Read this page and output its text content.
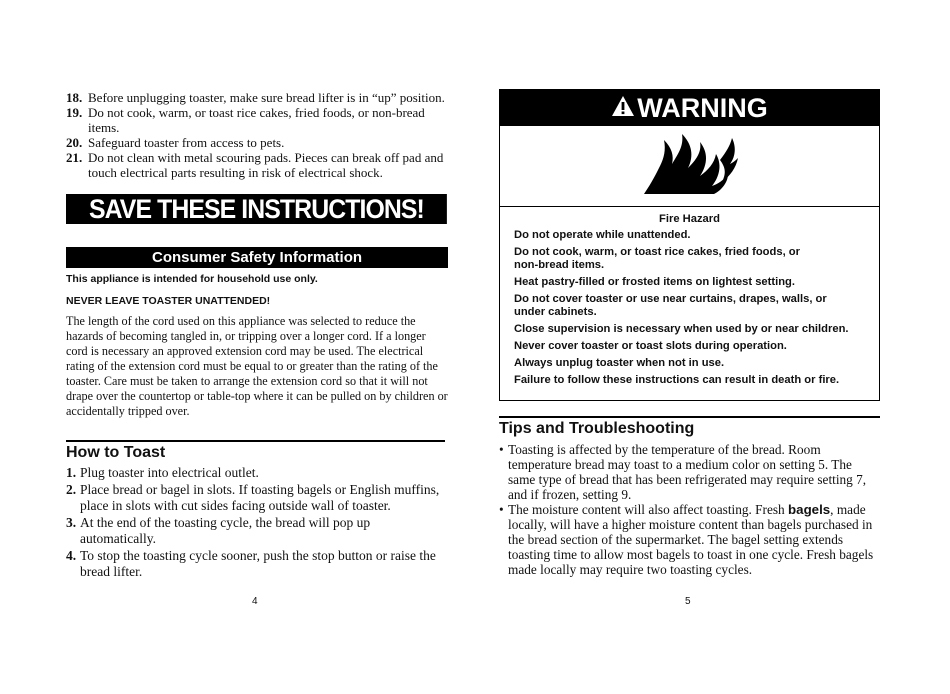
18. Before unplugging toaster, make sure bread lifter is in “up” position.
19. Do not cook, warm, or toast rice cakes, fried foods, or non-bread items.
20. Safeguard toaster from access to pets.
21. Do not clean with metal scouring pads. Pieces can break off pad and touch electrical parts resulting in risk of electrical shock.
SAVE THESE INSTRUCTIONS!
Consumer Safety Information
This appliance is intended for household use only.
NEVER LEAVE TOASTER UNATTENDED!

The length of the cord used on this appliance was selected to reduce the hazards of becoming tangled in, or tripping over a longer cord. If a longer cord is necessary an approved extension cord may be used. The electrical rating of the extension cord must be equal to or greater than the rating of the toaster. Care must be taken to arrange the extension cord so that it will not drape over the countertop or table-top where it can be pulled on by children or accidentally tripped over.

How to Toast
1. Plug toaster into electrical outlet.
2. Place bread or bagel in slots. If toasting bagels or English muffins, place in slots with cut sides facing outside wall of toaster.
3. At the end of the toasting cycle, the bread will pop up automatically.
4. To stop the toasting cycle sooner, push the stop button or raise the bread lifter.
4
WARNING
Fire Hazard
Do not operate while unattended.
Do not cook, warm, or toast rice cakes, fried foods, or non-bread items.
Heat pastry-filled or frosted items on lightest setting.
Do not cover toaster or use near curtains, drapes, walls, or under cabinets.
Close supervision is necessary when used by or near children.
Never cover toaster or toast slots during operation.
Always unplug toaster when not in use.
Failure to follow these instructions can result in death or fire.
Tips and Troubleshooting
• Toasting is affected by the temperature of the bread. Room temperature bread may toast to a medium color on setting 5. The same type of bread that has been refrigerated may require setting 7, and if frozen, setting 9.
• The moisture content will also affect toasting. Fresh bagels, made locally, will have a higher moisture content than bagels purchased in the bread section of the supermarket. The bagel setting extends toasting time to allow most bagels to toast in one cycle. Fresh bagels made locally may require two toasting cycles.
5
